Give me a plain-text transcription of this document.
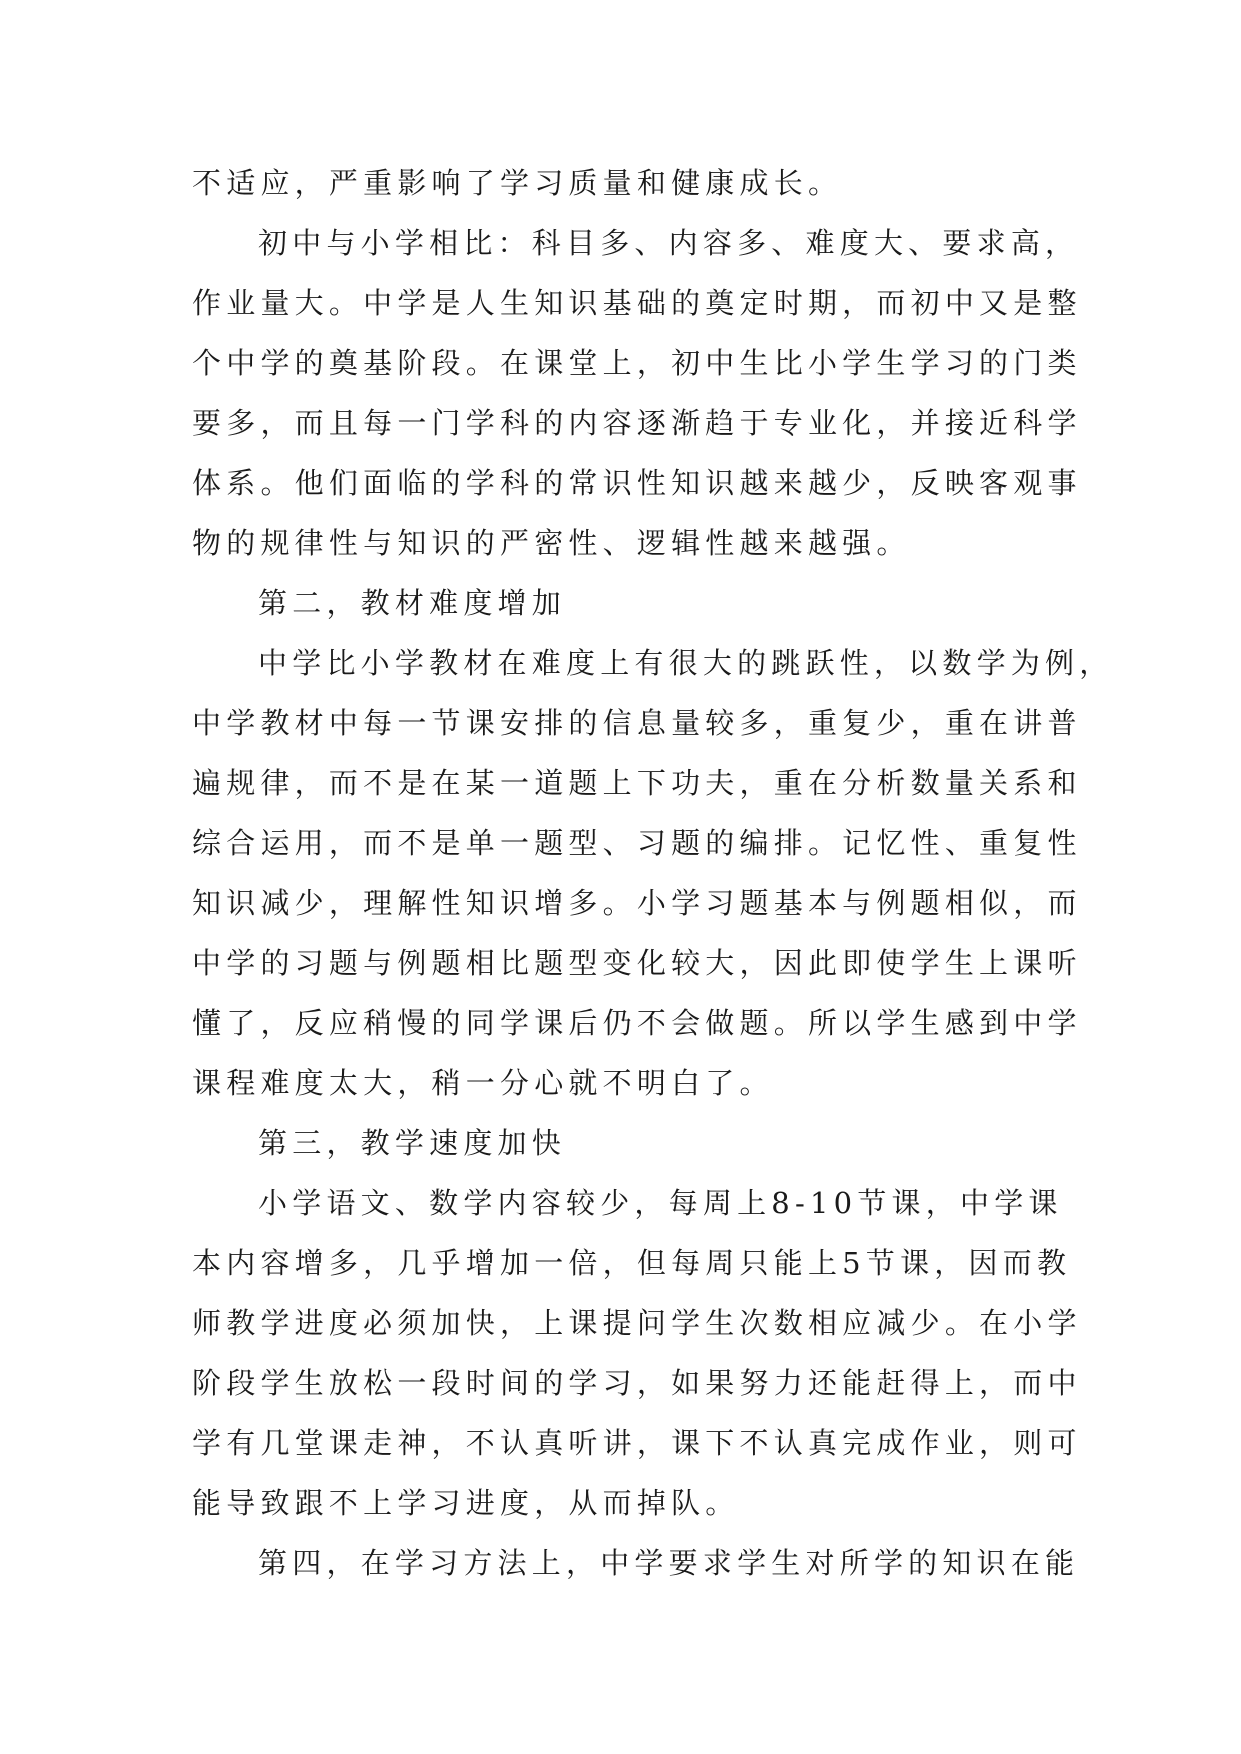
不适应，严重影响了学习质量和健康成长。
初中与小学相比：科目多、内容多、难度大、要求高，
作业量大。中学是人生知识基础的奠定时期，而初中又是整
个中学的奠基阶段。在课堂上，初中生比小学生学习的门类
要多，而且每一门学科的内容逐渐趋于专业化，并接近科学
体系。他们面临的学科的常识性知识越来越少，反映客观事
物的规律性与知识的严密性、逻辑性越来越强。
第二，教材难度增加
中学比小学教材在难度上有很大的跳跃性，以数学为例，
中学教材中每一节课安排的信息量较多，重复少，重在讲普
遍规律，而不是在某一道题上下功夫，重在分析数量关系和
综合运用，而不是单一题型、习题的编排。记忆性、重复性
知识减少，理解性知识增多。小学习题基本与例题相似，而
中学的习题与例题相比题型变化较大，因此即使学生上课听
懂了，反应稍慢的同学课后仍不会做题。所以学生感到中学
课程难度太大，稍一分心就不明白了。
第三，教学速度加快
小学语文、数学内容较少，每周上8-10节课，中学课
本内容增多，几乎增加一倍，但每周只能上5节课，因而教
师教学进度必须加快，上课提问学生次数相应减少。在小学
阶段学生放松一段时间的学习，如果努力还能赶得上，而中
学有几堂课走神，不认真听讲，课下不认真完成作业，则可
能导致跟不上学习进度，从而掉队。
第四，在学习方法上，中学要求学生对所学的知识在能
